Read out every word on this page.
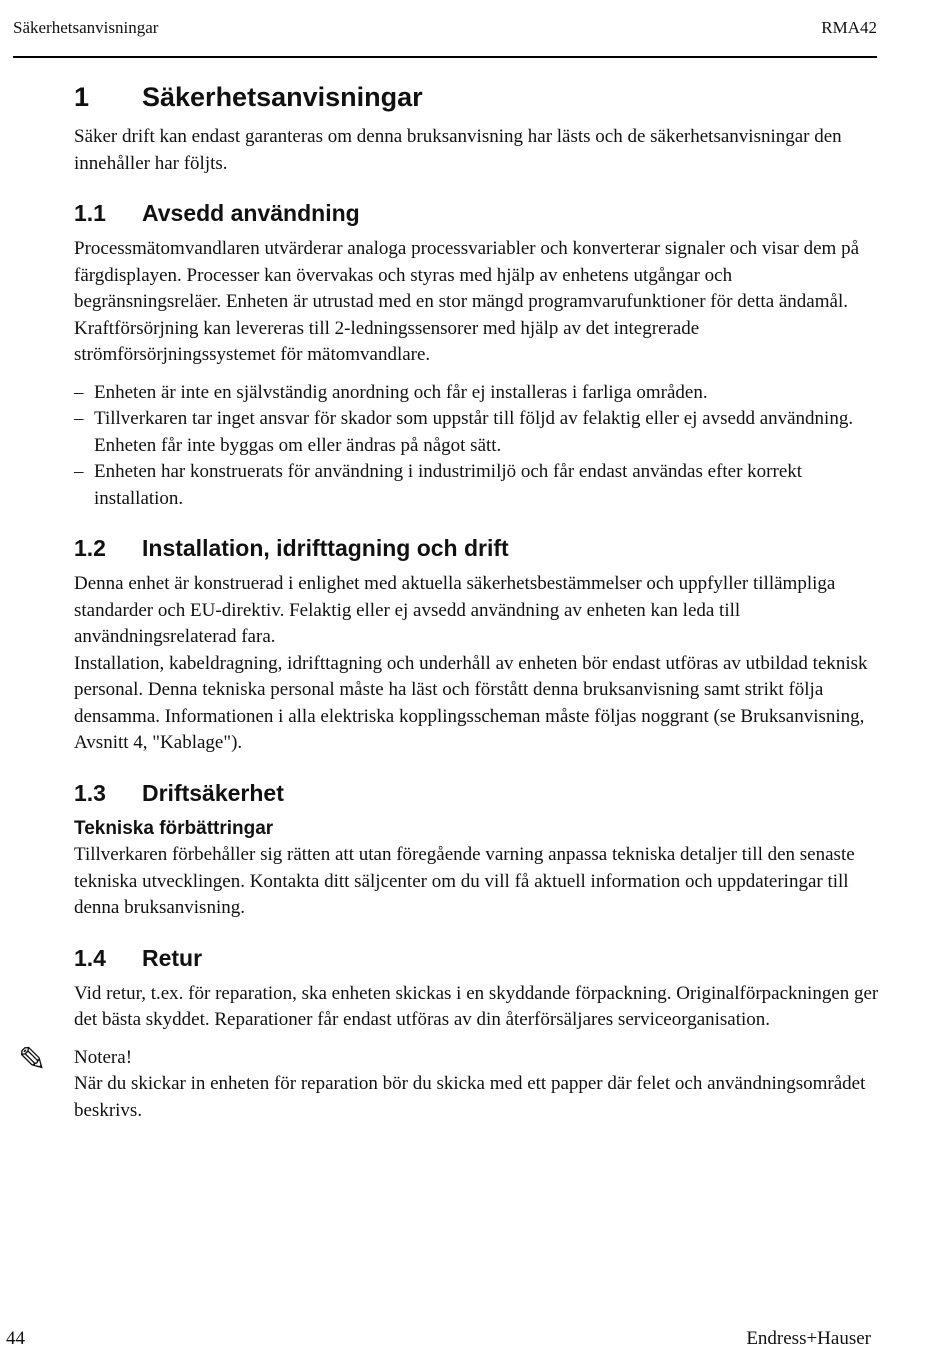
Säkerhetsanvisningar	RMA42
1 Säkerhetsanvisningar

Säker drift kan endast garanteras om denna bruksanvisning har lästs och de säkerhetsanvisningar den innehåller har följts.

1.1 Avsedd användning

Processmätomvandlaren utvärderar analoga processvariabler och konverterar signaler och visar dem på färgdisplayen. Processer kan övervakas och styras med hjälp av enhetens utgångar och begränsningsreläer. Enheten är utrustad med en stor mängd programvarufunktioner för detta ändamål.

Kraftförsörjning kan levereras till 2-ledningssensorer med hjälp av det integrerade strömförsörjningssystemet för mätomvandlare.

– Enheten är inte en självständig anordning och får ej installeras i farliga områden.
– Tillverkaren tar inget ansvar för skador som uppstår till följd av felaktig eller ej avsedd användning. Enheten får inte byggas om eller ändras på något sätt.
– Enheten har konstruerats för användning i industrimiljö och får endast användas efter korrekt installation.
1.2 Installation, idrifttagning och drift

Denna enhet är konstruerad i enlighet med aktuella säkerhetsbestämmelser och uppfyller tillämpliga standarder och EU-direktiv. Felaktig eller ej avsedd användning av enheten kan leda till användningsrelaterad fara.

Installation, kabeldragning, idrifttagning och underhåll av enheten bör endast utföras av utbildad teknisk personal. Denna tekniska personal måste ha läst och förstått denna bruksanvisning samt strikt följa densamma. Informationen i alla elektriska kopplingsscheman måste följas noggrant (se Bruksanvisning, Avsnitt 4, "Kablage").

1.3 Driftsäkerhet
Tekniska förbättringar

Tillverkaren förbehåller sig rätten att utan föregående varning anpassa tekniska detaljer till den senaste tekniska utvecklingen. Kontakta ditt säljcenter om du vill få aktuell information och uppdateringar till denna bruksanvisning.

1.4 Retur

Vid retur, t.ex. för reparation, ska enheten skickas i en skyddande förpackning. Originalförpackningen ger det bästa skyddet. Reparationer får endast utföras av din återförsäljares serviceorganisation.

✎ Notera!

När du skickar in enheten för reparation bör du skicka med ett papper där felet och användningsområdet beskrivs.

44	Endress+Hauser
